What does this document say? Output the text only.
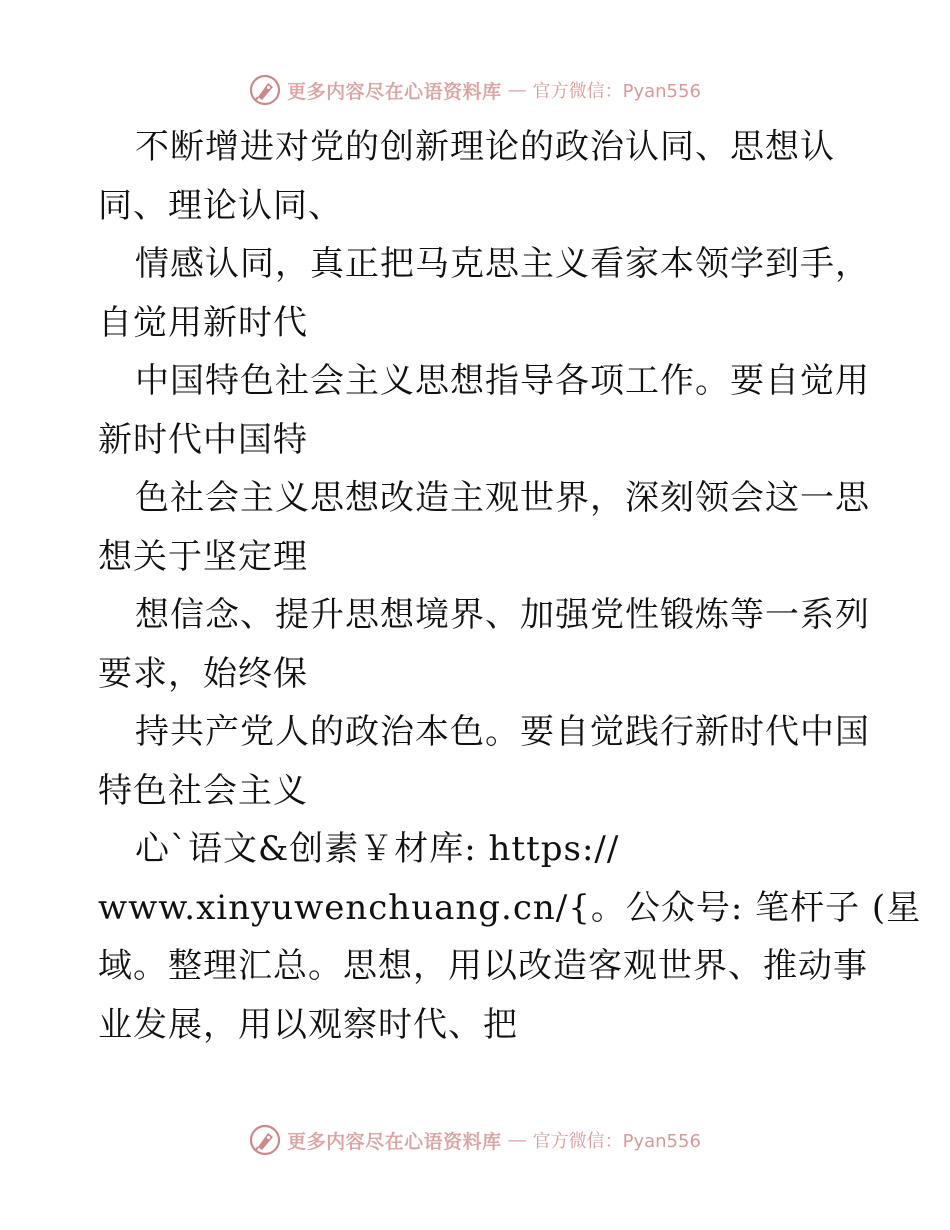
更多内容尽在心语资料库 — 官方微信：Pyan556
不断增进对党的创新理论的政治认同、思想认
同、理论认同、
情感认同，真正把马克思主义看家本领学到手，
自觉用新时代
中国特色社会主义思想指导各项工作。要自觉用
新时代中国特
色社会主义思想改造主观世界，深刻领会这一思
想关于坚定理
想信念、提升思想境界、加强党性锻炼等一系列
要求，始终保
持共产党人的政治本色。要自觉践行新时代中国
特色社会主义
心`语文&创素￥材库: https://
www.xinyuwenchuang.cn/{。公众号: 笔杆子 (星
域。整理汇总。思想，用以改造客观世界、推动事
业发展，用以观察时代、把
更多内容尽在心语资料库 — 官方微信：Pyan556
